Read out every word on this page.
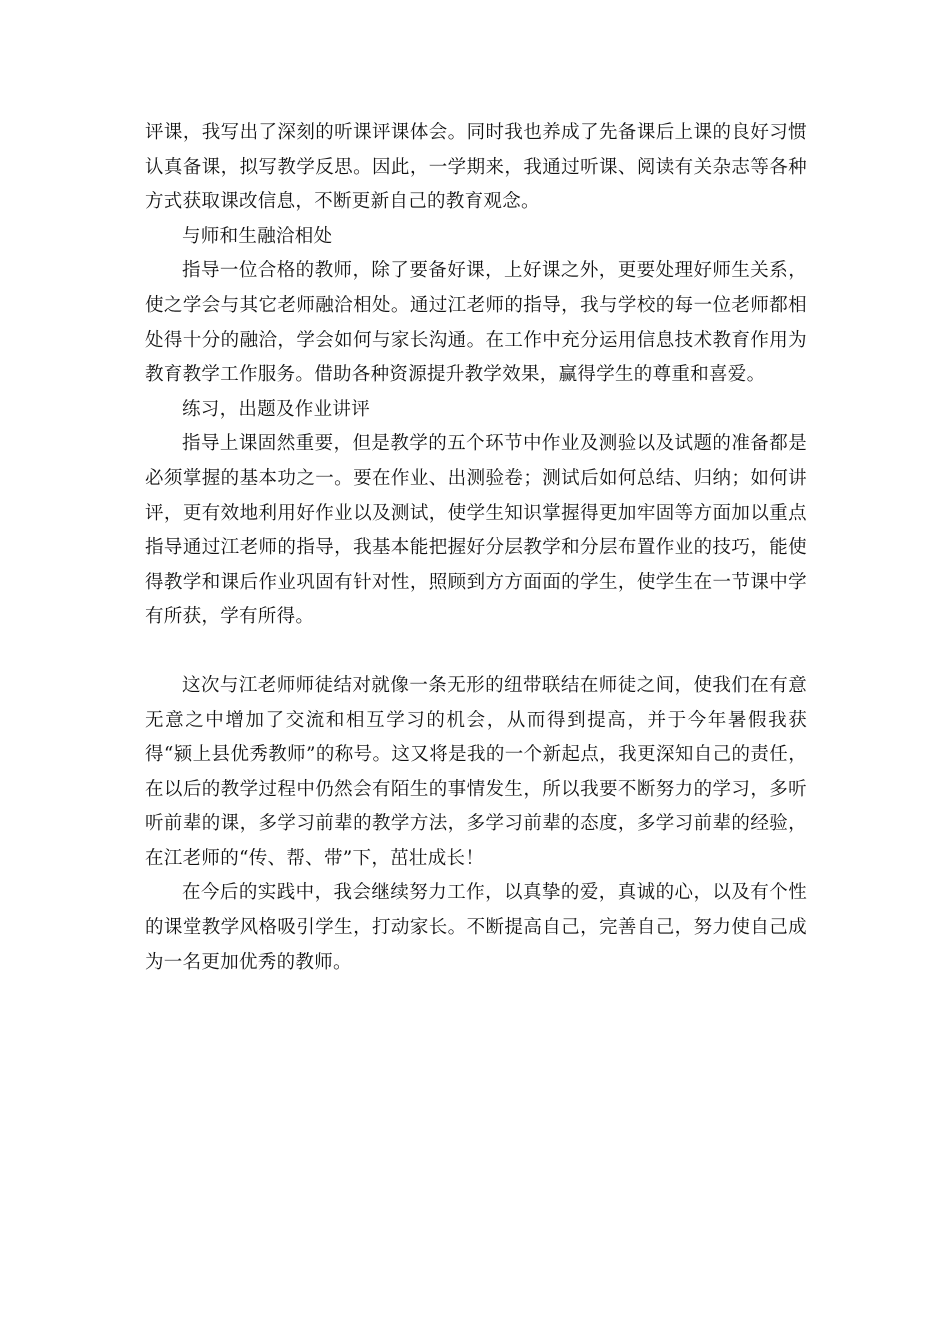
评课，我写出了深刻的听课评课体会。同时我也养成了先备课后上课的良好习惯认真备课，拟写教学反思。因此，一学期来，我通过听课、阅读有关杂志等各种方式获取课改信息，不断更新自己的教育观念。

与师和生融洽相处

指导一位合格的教师，除了要备好课，上好课之外，更要处理好师生关系，使之学会与其它老师融洽相处。通过江老师的指导，我与学校的每一位老师都相处得十分的融洽，学会如何与家长沟通。在工作中充分运用信息技术教育作用为教育教学工作服务。借助各种资源提升教学效果，赢得学生的尊重和喜爱。

练习，出题及作业讲评

指导上课固然重要，但是教学的五个环节中作业及测验以及试题的准备都是必须掌握的基本功之一。要在作业、出测验卷；测试后如何总结、归纳；如何讲评，更有效地利用好作业以及测试，使学生知识掌握得更加牢固等方面加以重点指导通过江老师的指导，我基本能把握好分层教学和分层布置作业的技巧，能使得教学和课后作业巩固有针对性，照顾到方方面面的学生，使学生在一节课中学有所获，学有所得。

这次与江老师师徒结对就像一条无形的纽带联结在师徒之间，使我们在有意无意之中增加了交流和相互学习的机会，从而得到提高，并于今年暑假我获得“颍上县优秀教师”的称号。这又将是我的一个新起点，我更深知自己的责任，在以后的教学过程中仍然会有陌生的事情发生，所以我要不断努力的学习，多听听前辈的课，多学习前辈的教学方法，多学习前辈的态度，多学习前辈的经验，在江老师的“传、帮、带”下，茁壮成长！

在今后的实践中，我会继续努力工作，以真挚的爱，真诚的心，以及有个性的课堂教学风格吸引学生，打动家长。不断提高自己，完善自己，努力使自己成为一名更加优秀的教师。
